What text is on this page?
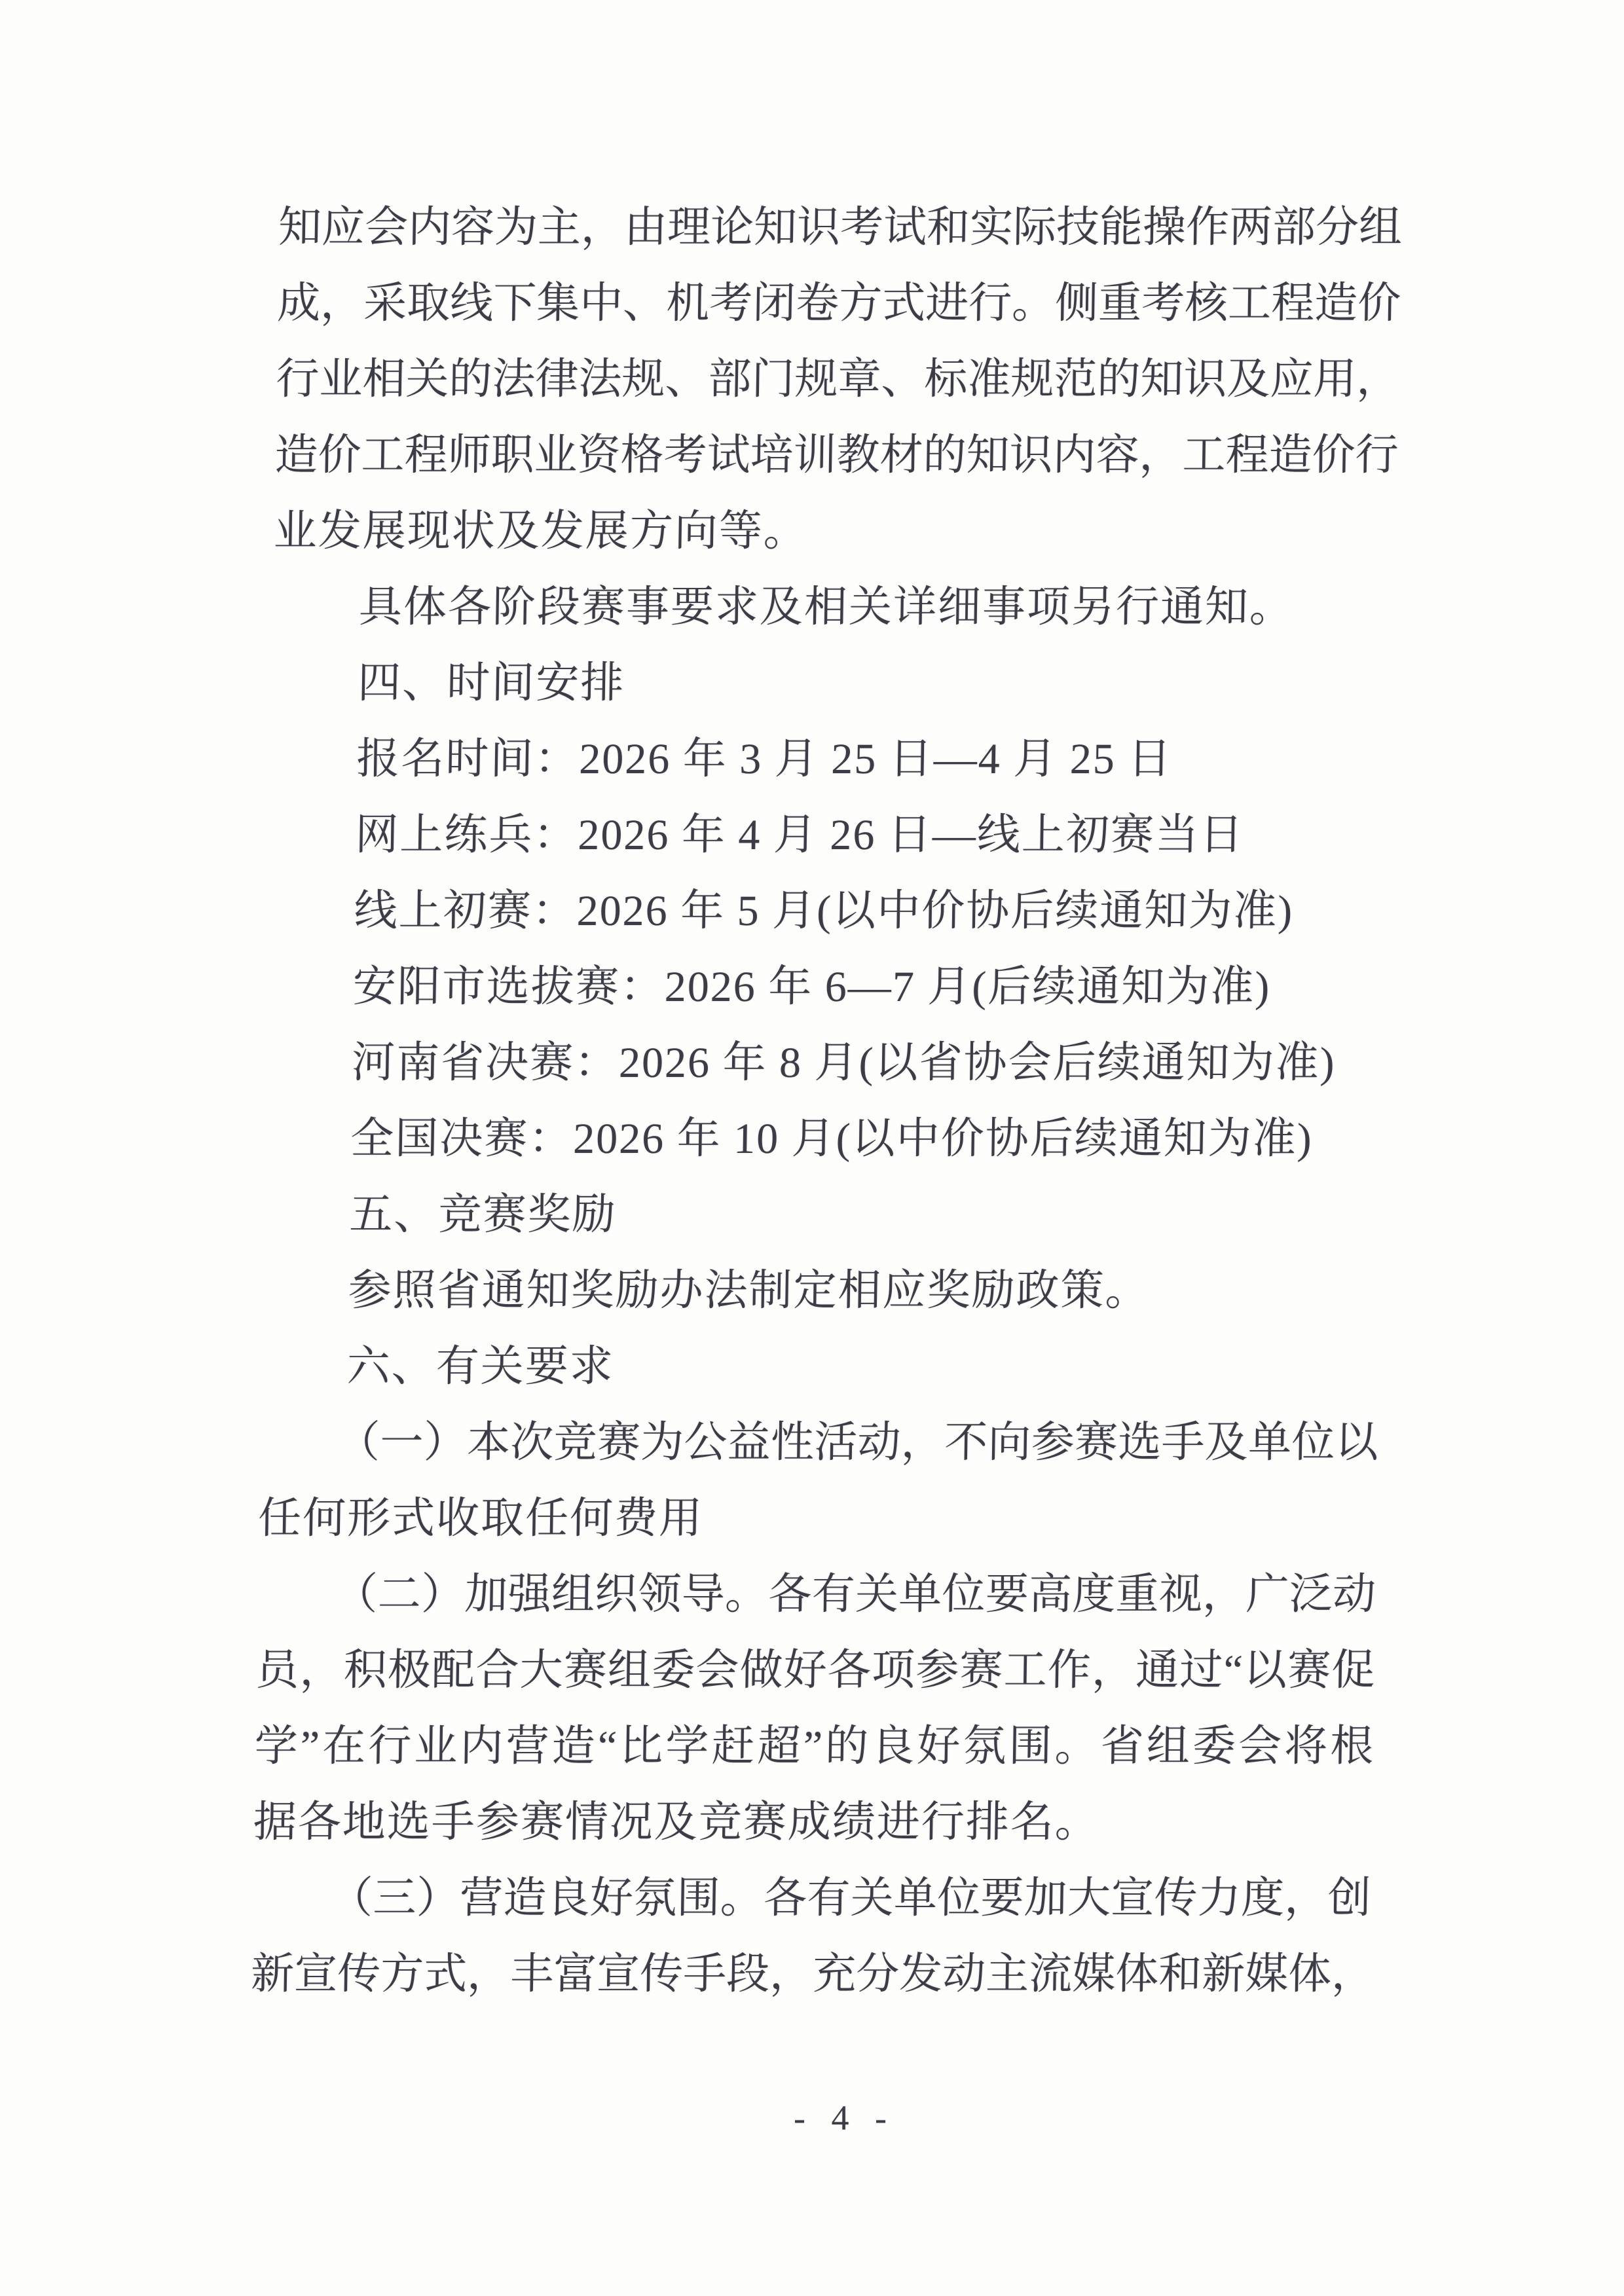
知
应
会
内
容
为
主
，
由
理
论
知
识
考
试
和
实
际
技
能
操
作
两
部
分
组
成
，
采
取
线
下
集
中
、
机
考
闭
卷
方
式
进
行
。
侧
重
考
核
工
程
造
价
行
业
相
关
的
法
律
法
规
、
部
门
规
章
、
标
准
规
范
的
知
识
及
应
用
，
造
价
工
程
师
职
业
资
格
考
试
培
训
教
材
的
知
识
内
容
，
工
程
造
价
行
业发展现状及发展方向等。
具体各阶段赛事要求及相关详细事项另行通知。
四、时间安排
报名时间：2026 年 3 月 25 日—4 月 25 日
网上练兵：2026 年 4 月 26 日—线上初赛当日
线上初赛：2026 年 5 月(以中价协后续通知为准)
安阳市选拔赛：2026 年 6—7 月(后续通知为准)
河南省决赛：2026 年 8 月(以省协会后续通知为准)
全国决赛：2026 年 10 月(以中价协后续通知为准)
五、竞赛奖励
参照省通知奖励办法制定相应奖励政策。
六、有关要求
（ 一 ） 本 次 竞 赛 为 公 益 性 活 动 ， 不 向 参 赛 选 手 及 单 位 以
任何形式收取任何费用
（ 二 ） 加 强 组 织 领 导 。 各 有 关 单 位 要 高 度 重 视 ， 广 泛 动
员 ， 积 极 配 合 大 赛 组 委 会 做 好 各 项 参 赛 工 作 ， 通 过 “ 以 赛 促
学 ” 在 行 业 内 营 造 “ 比 学 赶 超 ” 的 良 好 氛 围 。 省 组 委 会 将 根
据各地选手参赛情况及竞赛成绩进行排名。
（ 三 ） 营 造 良 好 氛 围 。 各 有 关 单 位 要 加 大 宣 传 力 度 ， 创
新
宣
传
方
式
，
丰
富
宣
传
手
段
，
充
分
发
动
主
流
媒
体
和
新
媒
体
，
- 4 -
